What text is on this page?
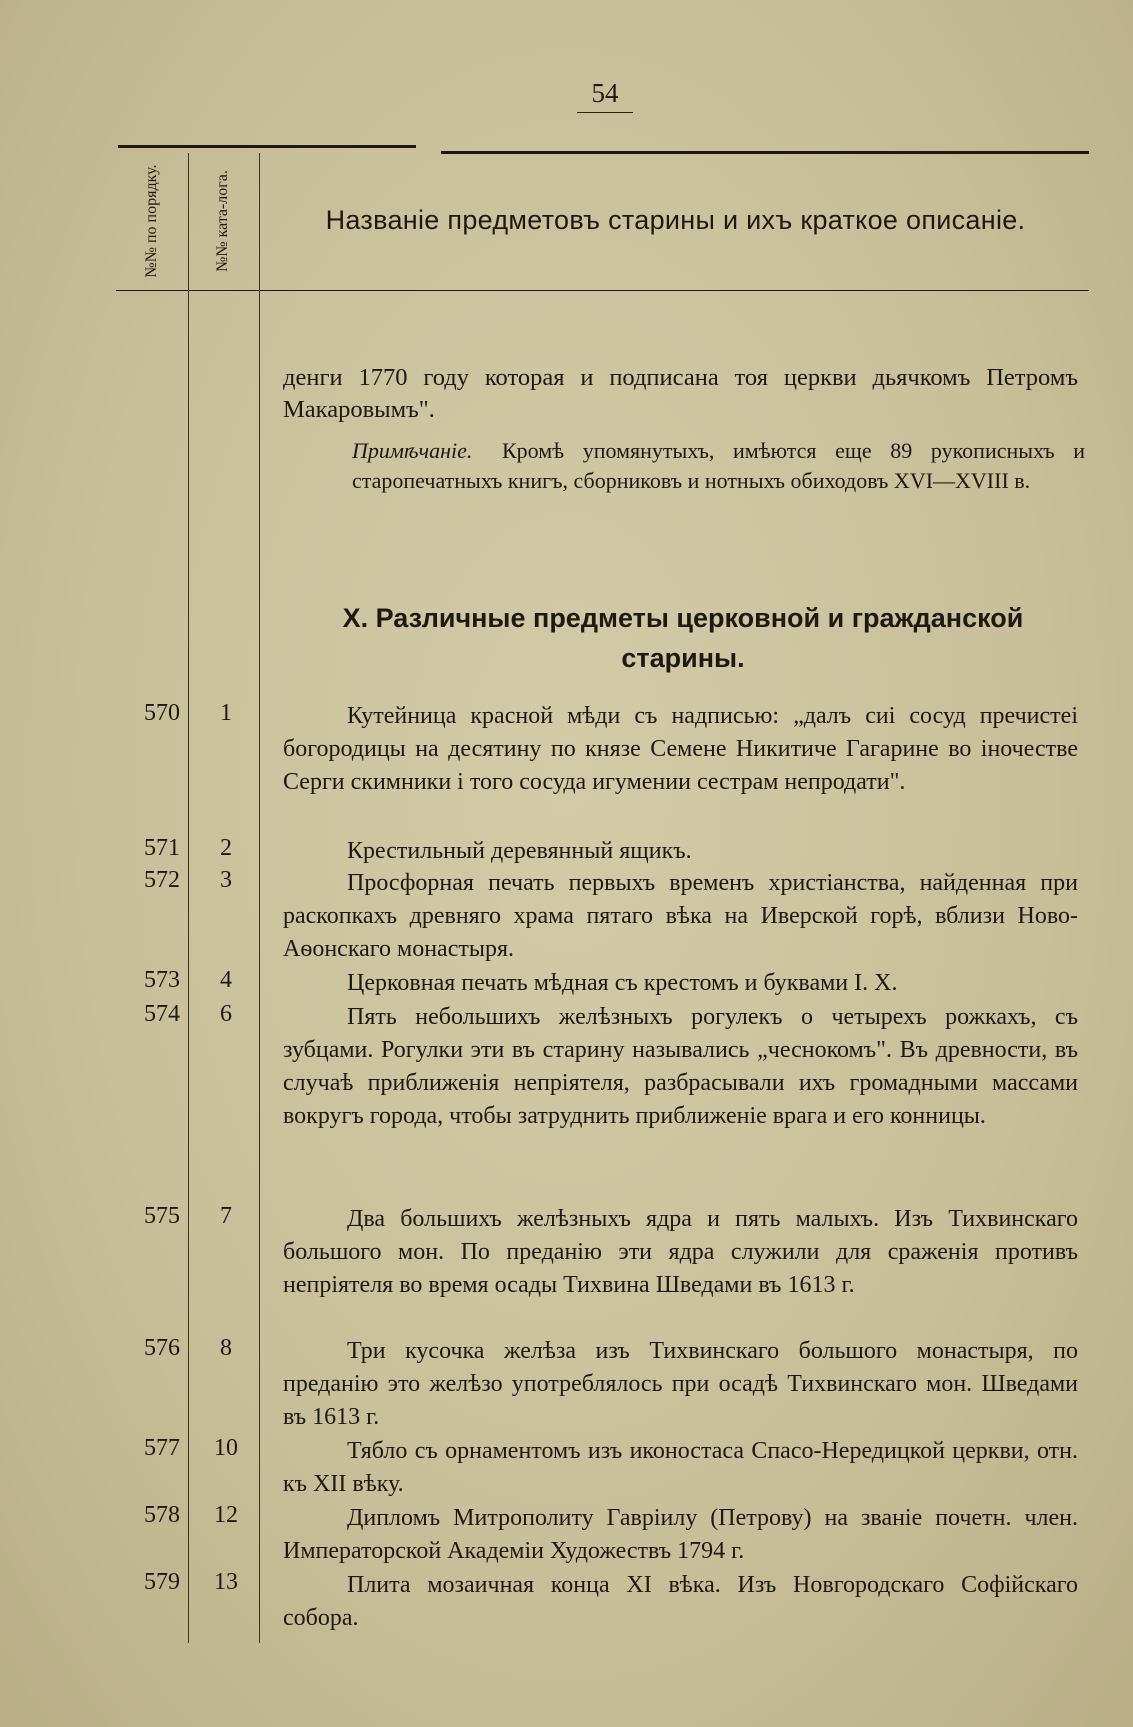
54
№№ по порядку.	№№ катa-лога.	Названіе предметовъ старины и ихъ краткое описаніе.

денги 1770 году которая и подписана тоя церкви дьячкомъ Петромъ Макаровымъ".

Примѣчаніе.	Кромѣ упомянутыхъ, имѣются еще 89 рукописныхъ и старопечатныхъ книгъ, сборниковъ и нотныхъ обиходовъ XVI—XVIII в.
X. Различные предметы церковной и гражданской старины.
570	1	Кутейница красной мѣди съ надписью: „далъ сиі сосуд пречистеі богородицы на десятину по князе Семене Никитиче Гагарине во іночестве Серги скимники і того сосуда игумении сестрам непродати".

571	2	Крестильный деревянный ящикъ.

572	3	Просфорная печать первыхъ временъ христіанства, найденная при раскопкахъ древняго храма пятаго вѣка на Иверской горѣ, вблизи Ново-Аѳонскаго монастыря.

573	4	Церковная печать мѣдная съ крестомъ и буквами І. X.

574	6	Пять небольшихъ желѣзныхъ рогулекъ о четырехъ рожкахъ, съ зубцами. Рогулки эти въ старину назывались „чеснокомъ". Въ древности, въ случаѣ приближенія непріятеля, разбрасывали ихъ громадными массами вокругъ города, чтобы затруднить приближеніе врага и его конницы.

575	7	Два большихъ желѣзныхъ ядра и пять малыхъ. Изъ Тихвинскаго большого мон. По преданію эти ядра служили для сраженія противъ непріятеля во время осады Тихвина Шведами въ 1613 г.

576	8	Три кусочка желѣза изъ Тихвинскаго большого монастыря, по преданію это желѣзо употреблялось при осадѣ Тихвинскаго мон. Шведами въ 1613 г.

577	10	Тябло съ орнаментомъ изъ иконостаса Спасо-Нередицкой церкви, отн. къ XII вѣку.

578	12	Дипломъ Митрополиту Гавріилу (Петрову) на званіе почетн. член. Императорской Академіи Художествъ 1794 г.

579	13	Плита мозаичная конца XI вѣка. Изъ Новгородскаго Софійскаго собора.
